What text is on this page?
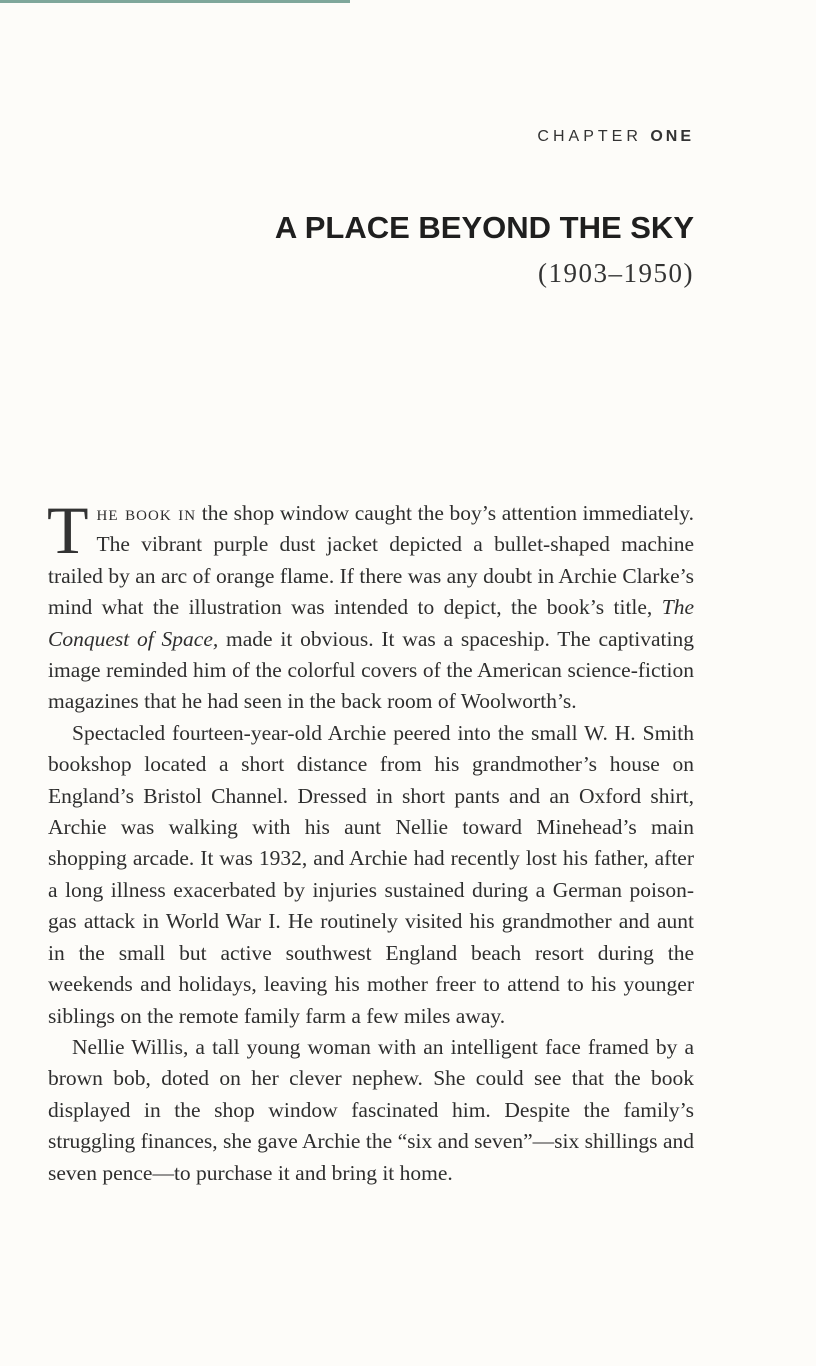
CHAPTER ONE
A PLACE BEYOND THE SKY
(1903–1950)

The book in the shop window caught the boy’s attention immediately. The vibrant purple dust jacket depicted a bullet-shaped machine trailed by an arc of orange flame. If there was any doubt in Archie Clarke’s mind what the illustration was intended to depict, the book’s title, The Conquest of Space, made it obvious. It was a spaceship. The captivating image reminded him of the colorful covers of the American science-fiction magazines that he had seen in the back room of Woolworth’s.

Spectacled fourteen-year-old Archie peered into the small W. H. Smith bookshop located a short distance from his grandmother’s house on England’s Bristol Channel. Dressed in short pants and an Oxford shirt, Archie was walking with his aunt Nellie toward Minehead’s main shopping arcade. It was 1932, and Archie had recently lost his father, after a long illness exacerbated by injuries sustained during a German poison-gas attack in World War I. He routinely visited his grandmother and aunt in the small but active southwest England beach resort during the weekends and holidays, leaving his mother freer to attend to his younger siblings on the remote family farm a few miles away.

Nellie Willis, a tall young woman with an intelligent face framed by a brown bob, doted on her clever nephew. She could see that the book displayed in the shop window fascinated him. Despite the family’s struggling finances, she gave Archie the “six and seven”—six shillings and seven pence—to purchase it and bring it home.
